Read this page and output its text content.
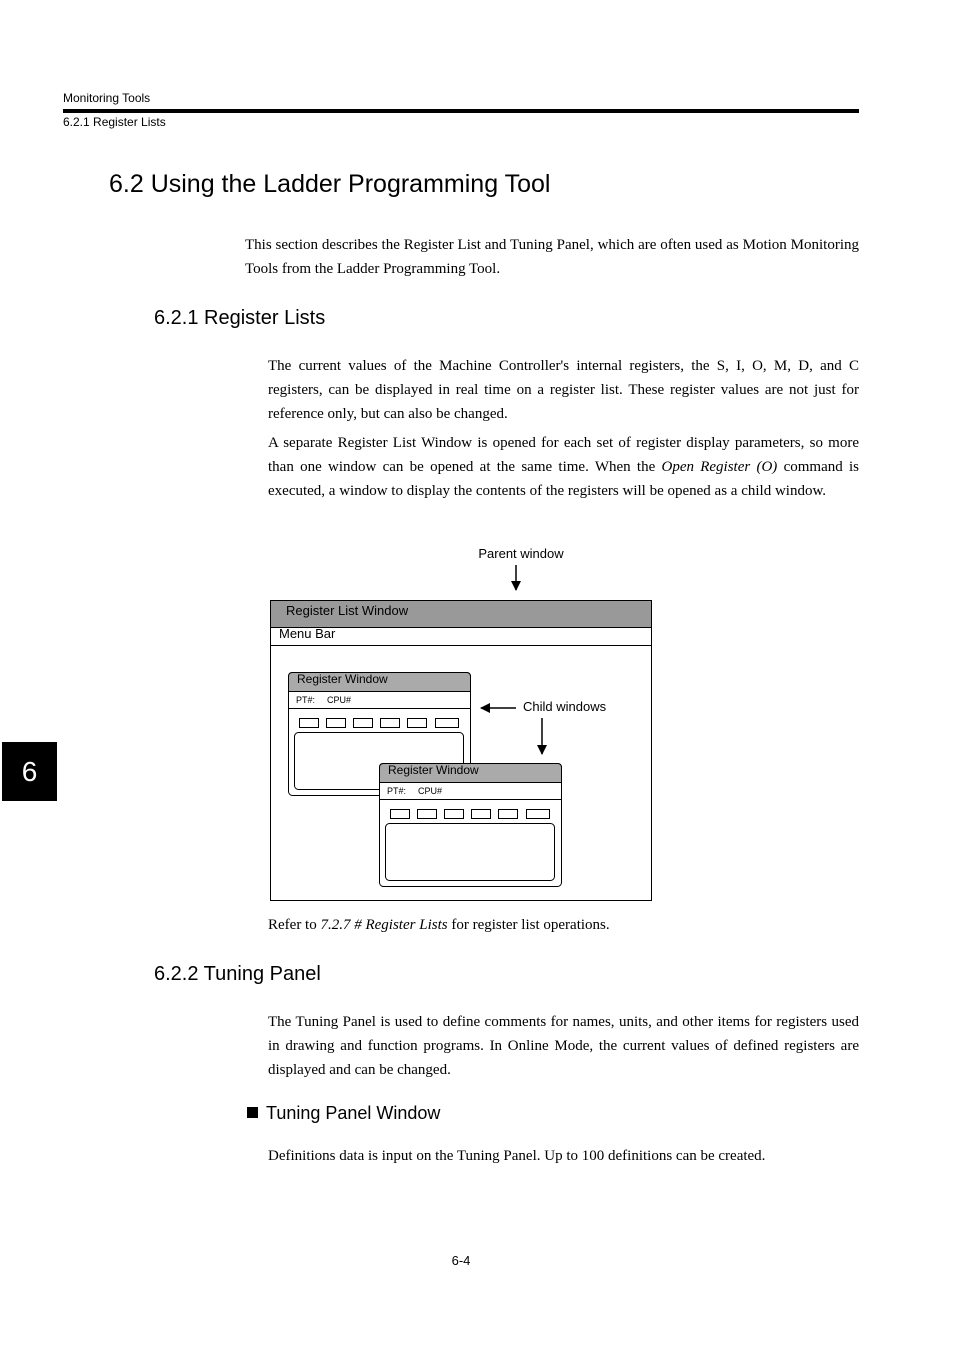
Monitoring Tools
6.2.1 Register Lists
6
6.2 Using the Ladder Programming Tool
This section describes the Register List and Tuning Panel, which are often used as Motion Monitoring Tools from the Ladder Programming Tool.
6.2.1 Register Lists
The current values of the Machine Controller's internal registers, the S, I, O, M, D, and C registers, can be displayed in real time on a register list. These register values are not just for reference only, but can also be changed.
A separate Register List Window is opened for each set of register display parameters, so more than one window can be opened at the same time. When the Open Register (O) command is executed, a window to display the contents of the registers will be opened as a child window.
Parent window
Register List Window
Menu Bar
Register Window
PT#: CPU#	Child windows
Register Window
PT#: CPU#
Refer to 7.2.7 # Register Lists for register list operations.
6.2.2 Tuning Panel
The Tuning Panel is used to define comments for names, units, and other items for registers used in drawing and function programs. In Online Mode, the current values of defined registers are displayed and can be changed.
Tuning Panel Window
Definitions data is input on the Tuning Panel. Up to 100 definitions can be created.
6-4
